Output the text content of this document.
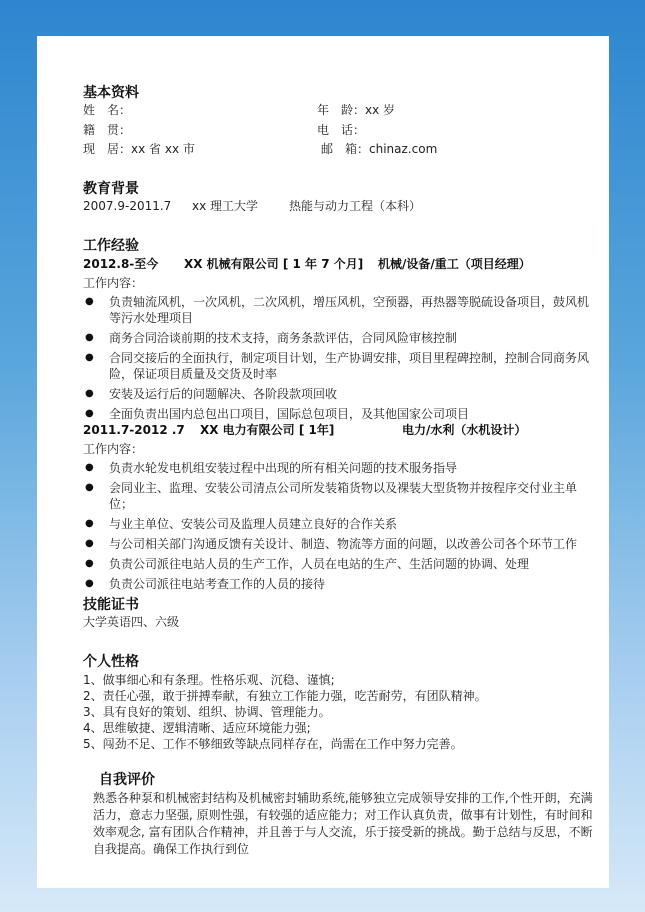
基本资料
姓　名：	年　龄：xx 岁
籍　贯：	电　话：
现　居：xx 省 xx 市	邮　箱：chinaz.com
教育背景
2007.9-2011.7 xx 理工大学	热能与动力工程（本科）
工作经验
2012.8-至今 XX 机械有限公司 [ 1 年 7 个月] 机械/设备/重工（项目经理）
工作内容：
● 负责轴流风机，一次风机，二次风机，增压风机，空预器，再热器等脱硫设备项目，鼓风机等污水处理项目
● 商务合同洽谈前期的技术支持，商务条款评估，合同风险审核控制
● 合同交接后的全面执行，制定项目计划，生产协调安排，项目里程碑控制，控制合同商务风险，保证项目质量及交货及时率
● 安装及运行后的问题解决、各阶段款项回收
● 全面负责出国内总包出口项目，国际总包项目，及其他国家公司项目
2011.7-2012 .7 XX 电力有限公司 [ 1年]	电力/水利（水机设计）
工作内容：
● 负责水轮发电机组安装过程中出现的所有相关问题的技术服务指导
● 会同业主、监理、安装公司清点公司所发装箱货物以及裸装大型货物并按程序交付业主单位；
● 与业主单位、安装公司及监理人员建立良好的合作关系
● 与公司相关部门沟通反馈有关设计、制造、物流等方面的问题，以改善公司各个环节工作
● 负责公司派往电站人员的生产工作，人员在电站的生产、生活问题的协调、处理
● 负责公司派往电站考查工作的人员的接待
技能证书
大学英语四、六级
个人性格
1、做事细心和有条理。性格乐观、沉稳、谨慎;
2、责任心强，敢于拼搏奉献，有独立工作能力强，吃苦耐劳，有团队精神。
3、具有良好的策划、组织、协调、管理能力。
4、思维敏捷、逻辑清晰、适应环境能力强;
5、闯劲不足、工作不够细致等缺点同样存在，尚需在工作中努力完善。
自我评价
熟悉各种泵和机械密封结构及机械密封辅助系统,能够独立完成领导安排的工作,个性开朗，充满活力，意志力坚强, 原则性强，有较强的适应能力；对工作认真负责，做事有计划性，有时间和效率观念, 富有团队合作精神，并且善于与人交流，乐于接受新的挑战。勤于总结与反思，不断自我提高。确保工作执行到位
